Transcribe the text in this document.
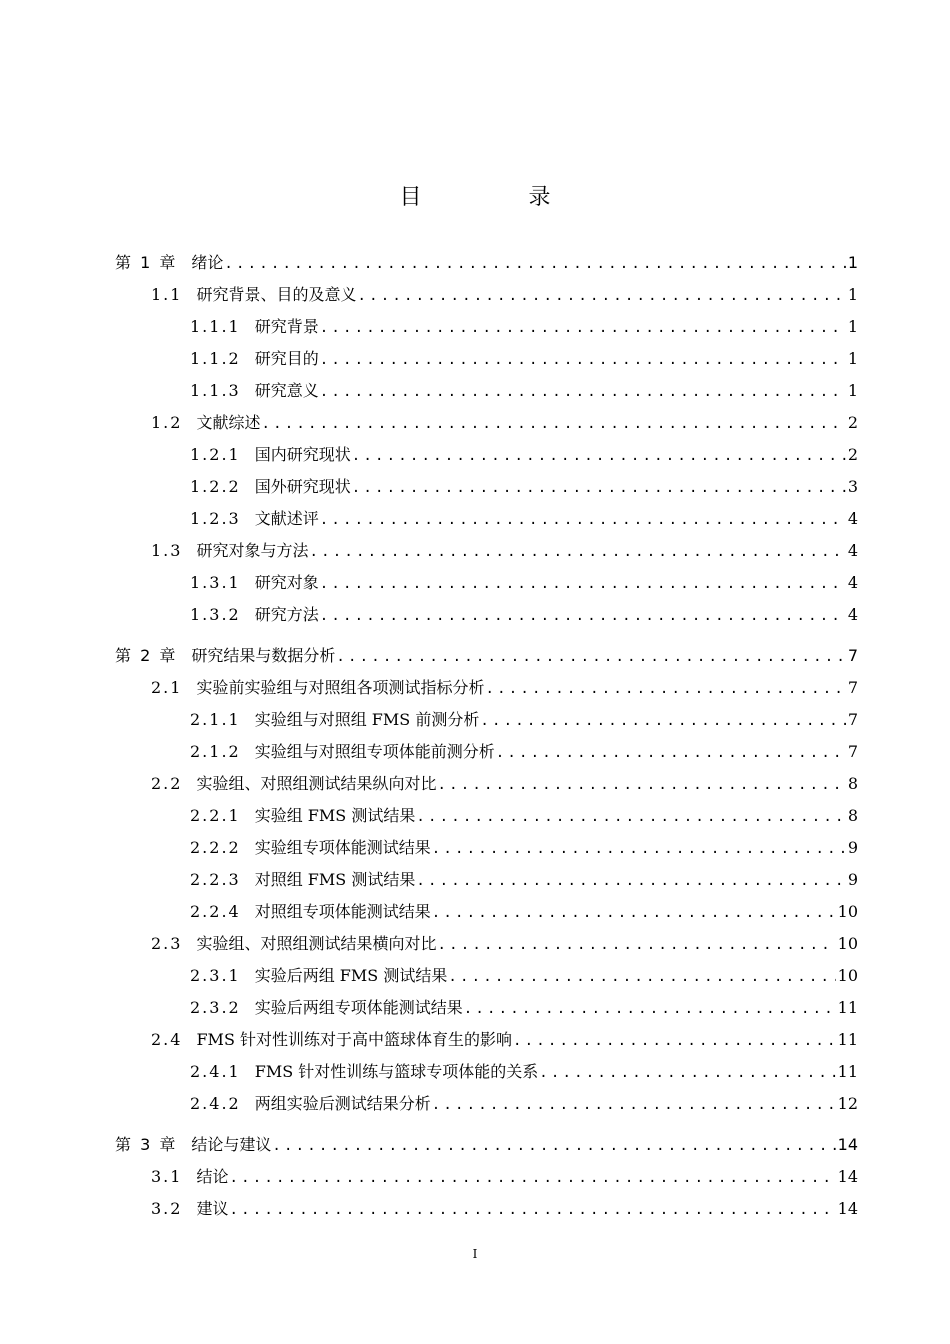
目 录
第 1 章 绪论 .....	1
1.1 研究背景、目的及意义 .....	1
1.1.1 研究背景 .....	1
1.1.2 研究目的 .....	1
1.1.3 研究意义 .....	1
1.2 文献综述 .....	2
1.2.1 国内研究现状 .....	2
1.2.2 国外研究现状 .....	3
1.2.3 文献述评 .....	4
1.3 研究对象与方法 .....	4
1.3.1 研究对象 .....	4
1.3.2 研究方法 .....	4
第 2 章 研究结果与数据分析 .....	7
2.1 实验前实验组与对照组各项测试指标分析 .....	7
2.1.1 实验组与对照组 FMS 前测分析 .....	7
2.1.2 实验组与对照组专项体能前测分析 .....	7
2.2 实验组、对照组测试结果纵向对比 .....	8
2.2.1 实验组 FMS 测试结果 .....	8
2.2.2 实验组专项体能测试结果 .....	9
2.2.3 对照组 FMS 测试结果 .....	9
2.2.4 对照组专项体能测试结果 .....	10
2.3 实验组、对照组测试结果横向对比 .....	10
2.3.1 实验后两组 FMS 测试结果 .....	10
2.3.2 实验后两组专项体能测试结果 .....	11
2.4 FMS 针对性训练对于高中篮球体育生的影响 .....	11
2.4.1 FMS 针对性训练与篮球专项体能的关系 .....	11
2.4.2 两组实验后测试结果分析 .....	12
第 3 章 结论与建议 .....	14
3.1 结论 .....	14
3.2 建议 .....	14
I
